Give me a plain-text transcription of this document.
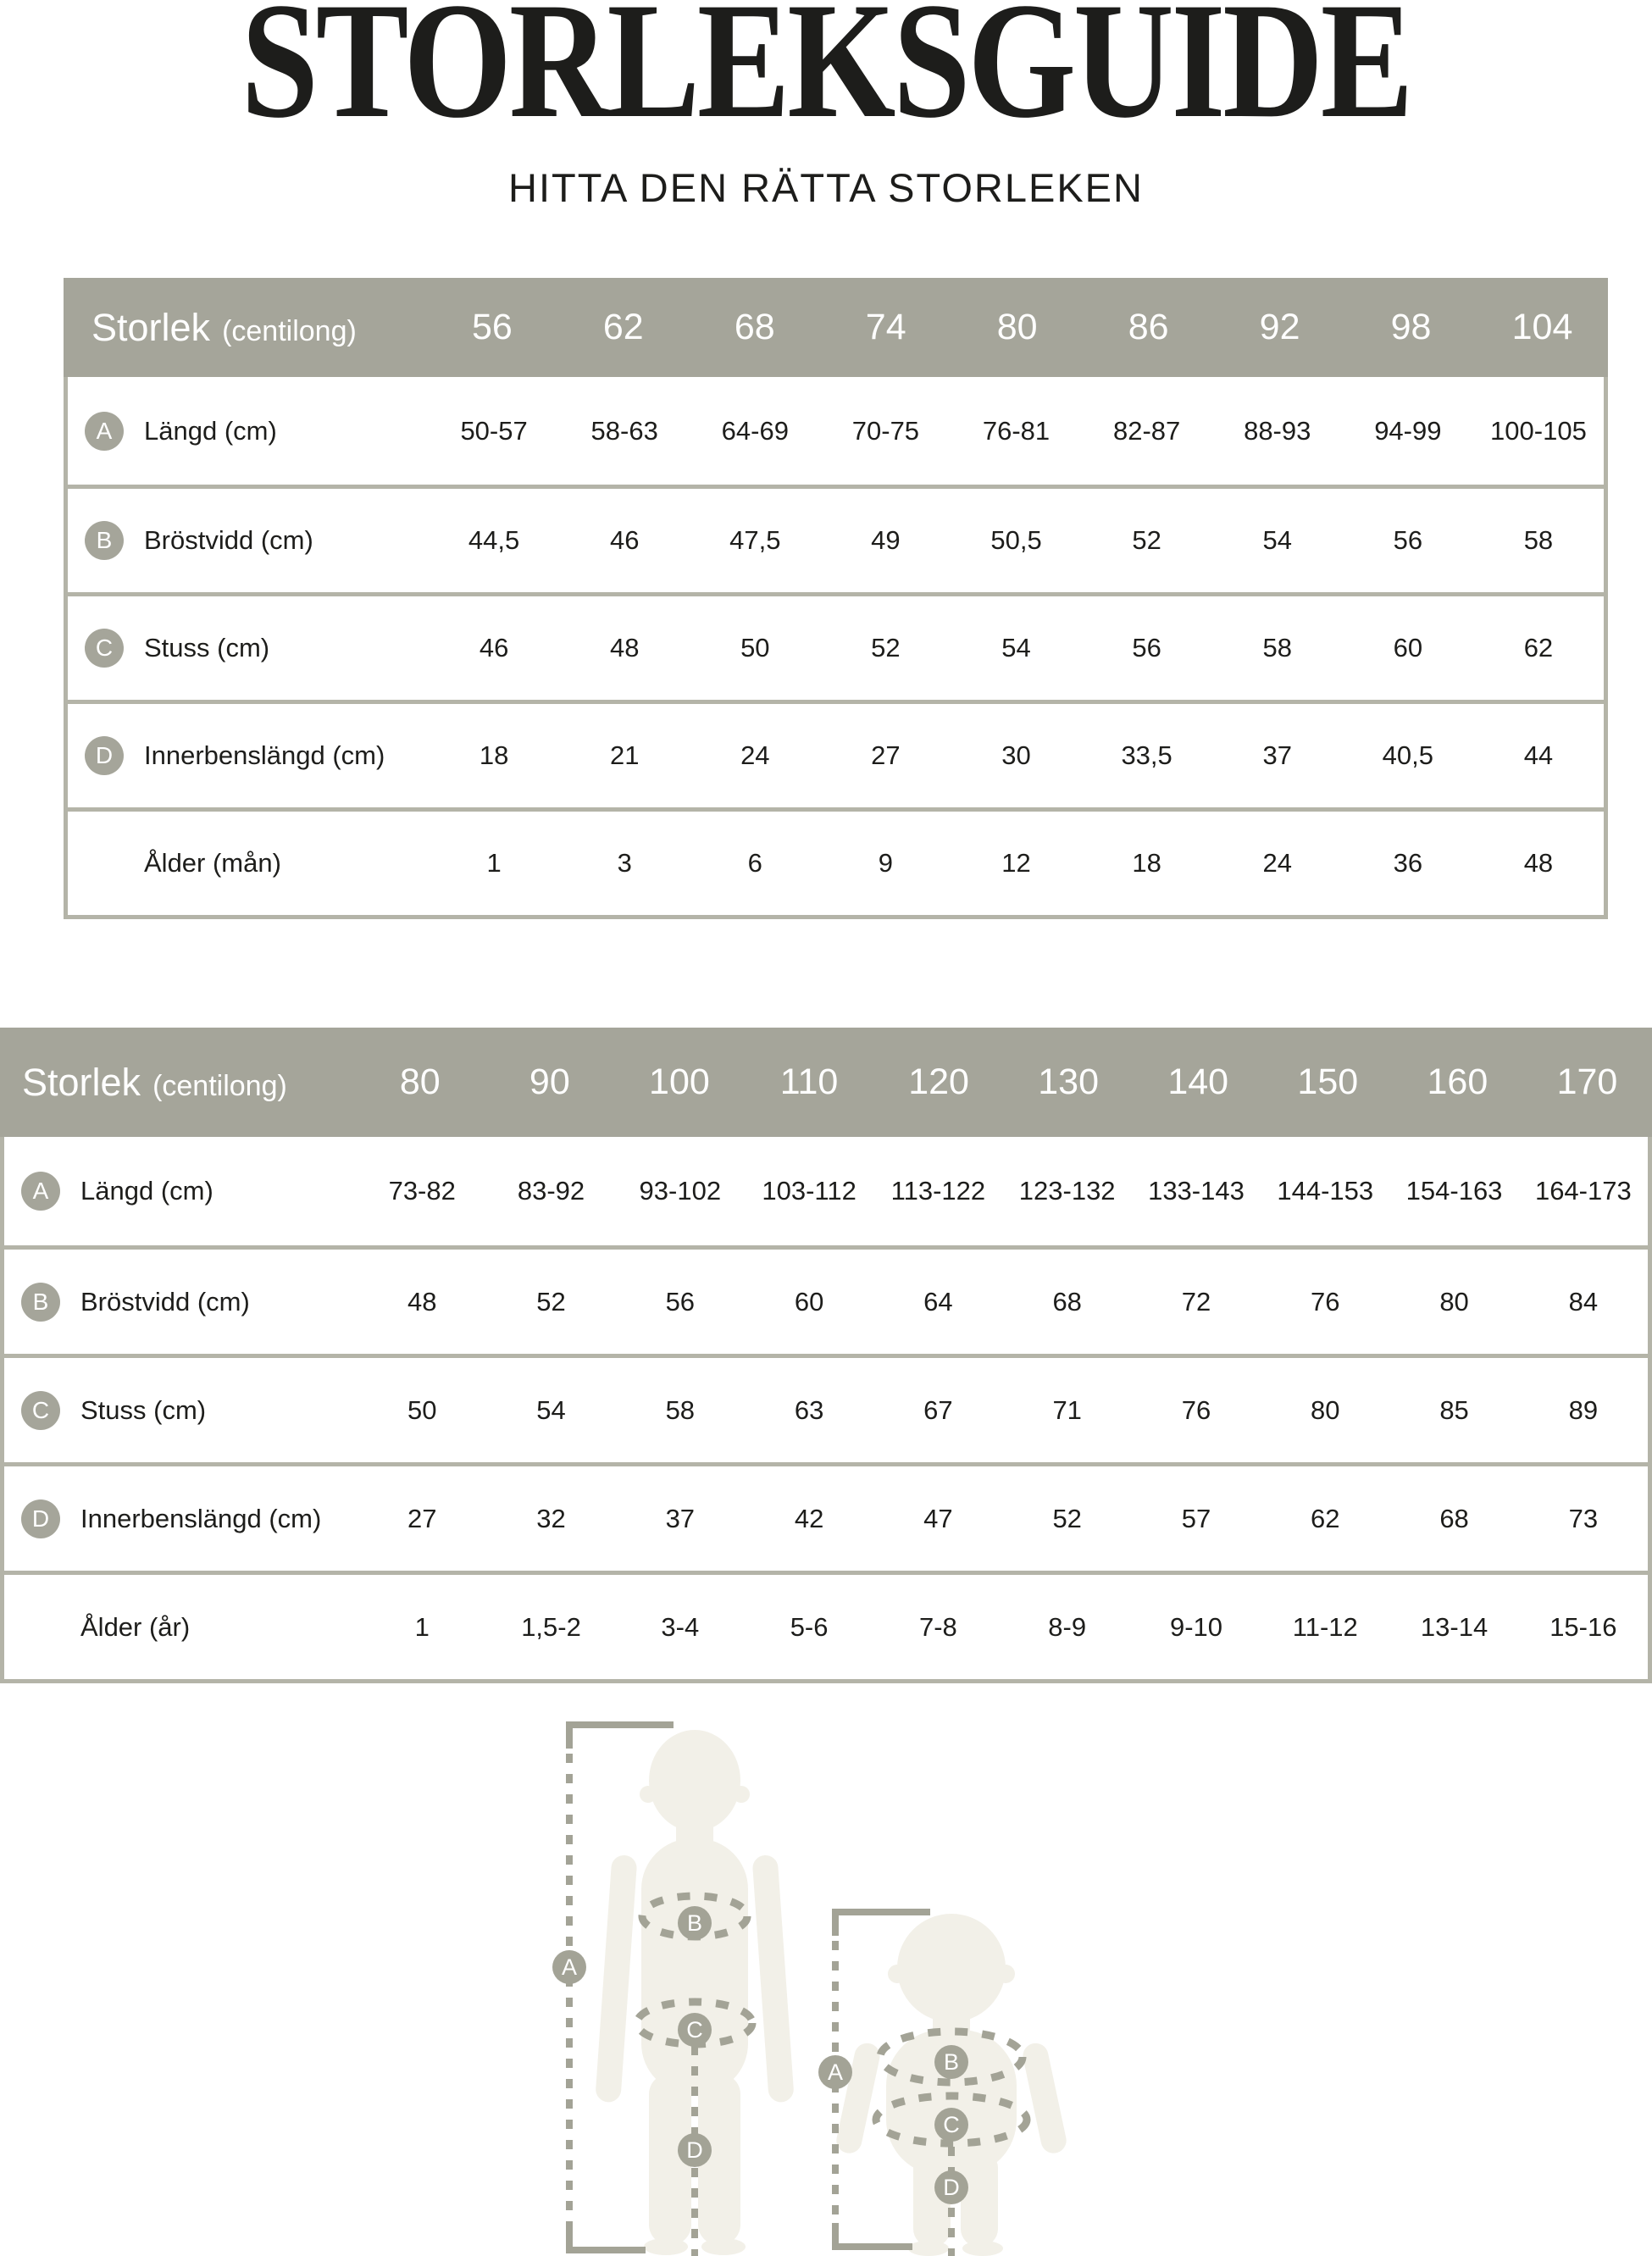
STORLEKSGUIDE
HITTA DEN RÄTTA STORLEKEN
Storlek (centilong)	56	62	68	74	80	86	92	98	104
A	Längd (cm)	50-57	58-63	64-69	70-75	76-81	82-87	88-93	94-99	100-105
B	Bröstvidd (cm)	44,5	46	47,5	49	50,5	52	54	56	58
C	Stuss (cm)	46	48	50	52	54	56	58	60	62
D	Innerbenslängd (cm)	18	21	24	27	30	33,5	37	40,5	44
Ålder (mån)	1	3	6	9	12	18	24	36	48
Storlek (centilong)	80	90	100	110	120	130	140	150	160	170
A	Längd (cm)	73-82	83-92	93-102	103-112	113-122	123-132	133-143	144-153	154-163	164-173
B	Bröstvidd (cm)	48	52	56	60	64	68	72	76	80	84
C	Stuss (cm)	50	54	58	63	67	71	76	80	85	89
D	Innerbenslängd (cm)	27	32	37	42	47	52	57	62	68	73
Ålder (år)	1	1,5-2	3-4	5-6	7-8	8-9	9-10	11-12	13-14	15-16
A
B
C
D
A	B
C
D
